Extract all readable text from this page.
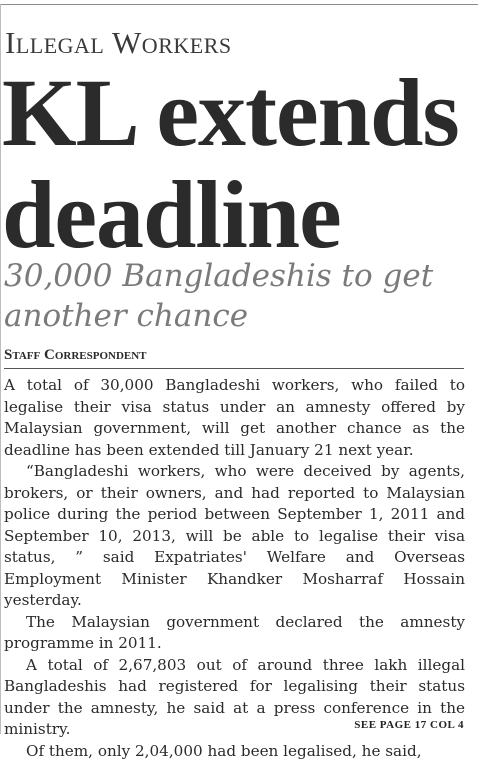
Illegal Workers
KL extends deadline
30,000 Bangladeshis to get another chance
Staff Correspondent

A total of 30,000 Bangladeshi workers, who failed to legalise their visa status under an amnesty offered by Malaysian government, will get another chance as the deadline has been extended till January 21 next year.

“Bangladeshi workers, who were deceived by agents, brokers, or their owners, and had reported to Malaysian police during the period between September 1, 2011 and September 10, 2013, will be able to legalise their visa status, ” said Expatriates' Welfare and Overseas Employment Minister Khandker Mosharraf Hossain yesterday.

The Malaysian government declared the amnesty programme in 2011.

A total of 2,67,803 out of around three lakh illegal Bangladeshis had registered for legalising their status under the amnesty, he said at a press conference in the ministry.

Of them, only 2,04,000 had been legalised, he said,

SEE PAGE 17 COL 4
